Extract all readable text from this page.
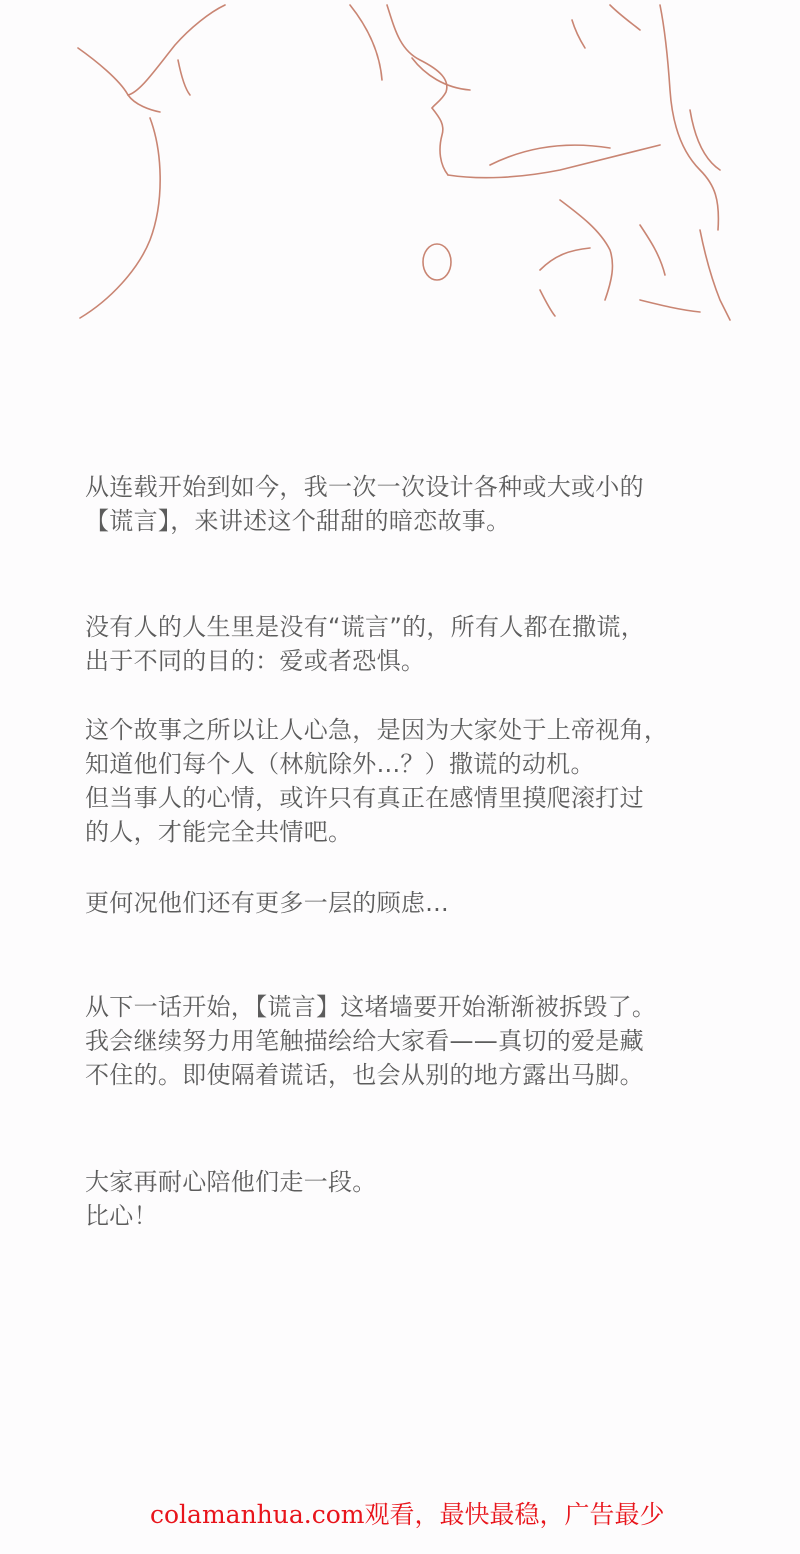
从连载开始到如今，我一次一次设计各种或大或小的
【谎言】，来讲述这个甜甜的暗恋故事。
没有人的人生里是没有“谎言”的，所有人都在撒谎，
出于不同的目的：爱或者恐惧。
这个故事之所以让人心急，是因为大家处于上帝视角，
知道他们每个人（林航除外...？）撒谎的动机。
但当事人的心情，或许只有真正在感情里摸爬滚打过
的人，才能完全共情吧。
更何况他们还有更多一层的顾虑...
从下一话开始，【谎言】这堵墙要开始渐渐被拆毁了。
我会继续努力用笔触描绘给大家看——真切的爱是藏
不住的。即使隔着谎话，也会从别的地方露出马脚。
大家再耐心陪他们走一段。
比心！
colamanhua.com观看，最快最稳，广告最少
